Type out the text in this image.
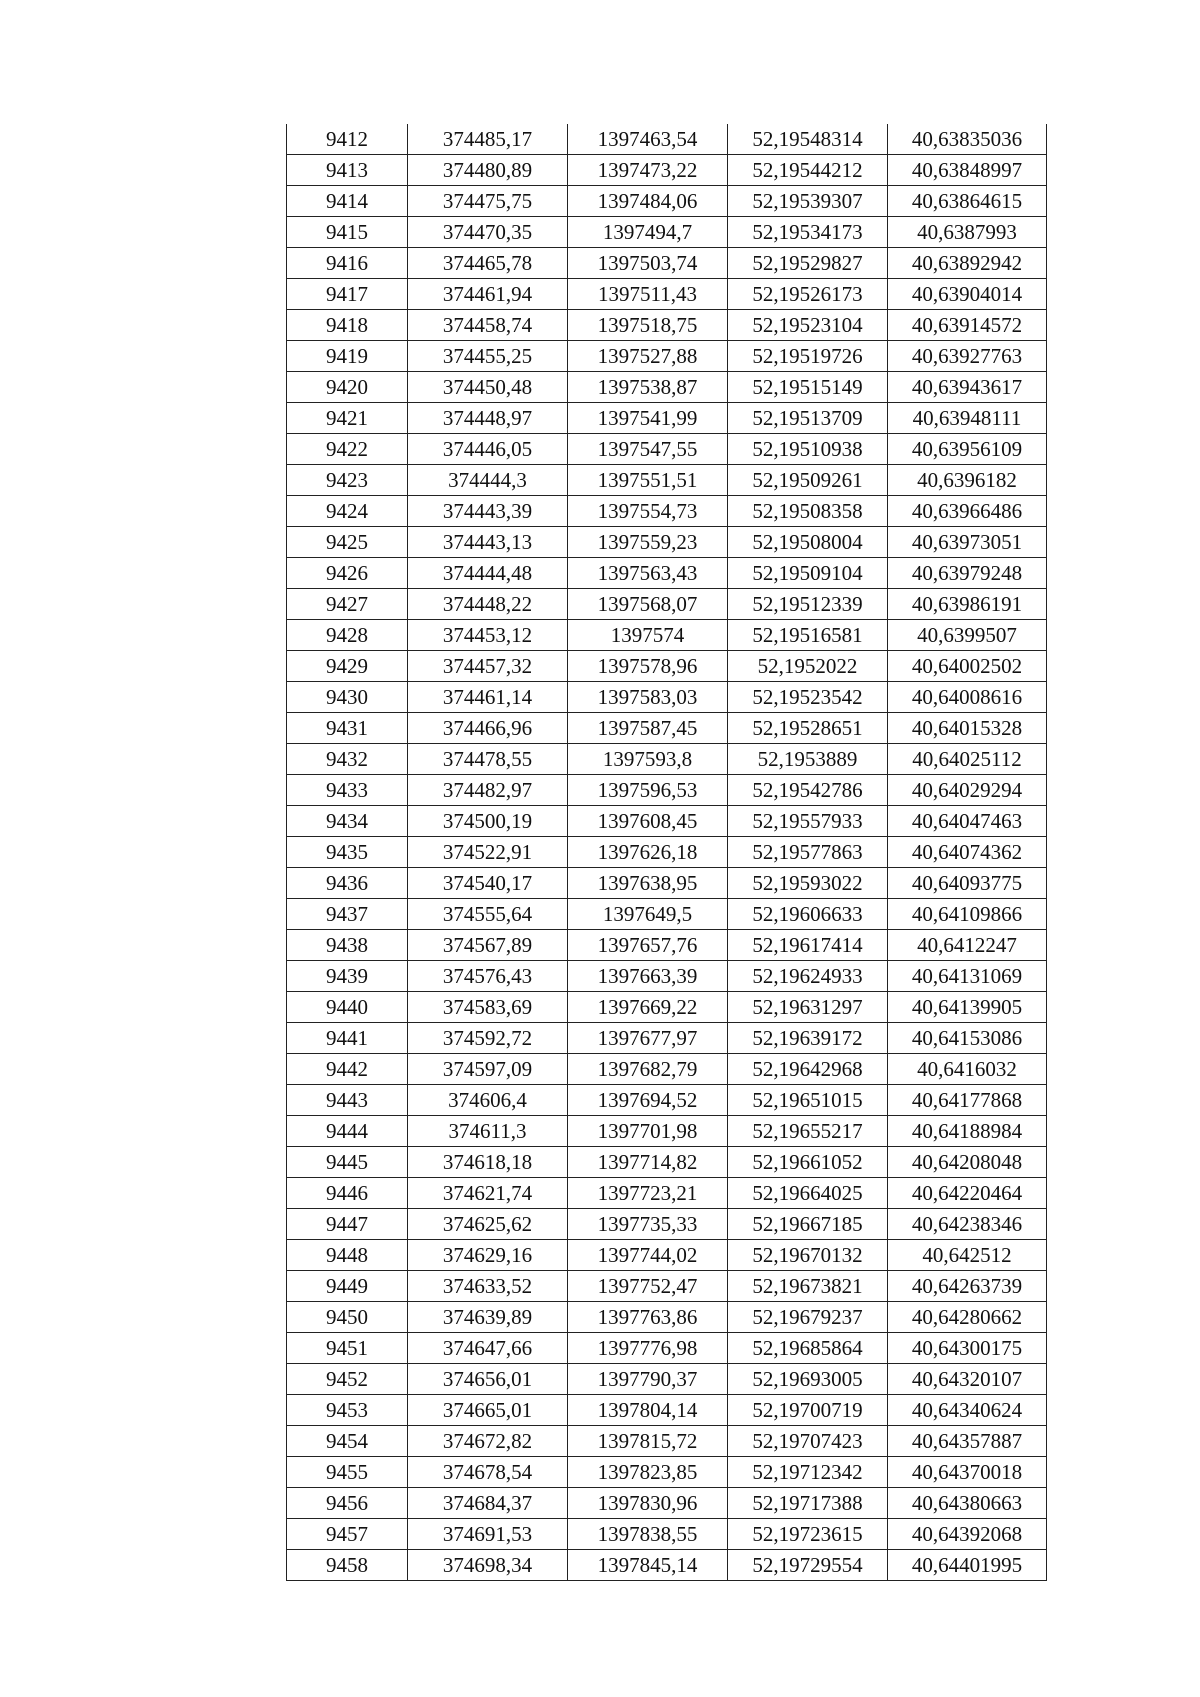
9412	374485,17	1397463,54	52,19548314	40,63835036
9413	374480,89	1397473,22	52,19544212	40,63848997
9414	374475,75	1397484,06	52,19539307	40,63864615
9415	374470,35	1397494,7	52,19534173	40,6387993
9416	374465,78	1397503,74	52,19529827	40,63892942
9417	374461,94	1397511,43	52,19526173	40,63904014
9418	374458,74	1397518,75	52,19523104	40,63914572
9419	374455,25	1397527,88	52,19519726	40,63927763
9420	374450,48	1397538,87	52,19515149	40,63943617
9421	374448,97	1397541,99	52,19513709	40,63948111
9422	374446,05	1397547,55	52,19510938	40,63956109
9423	374444,3	1397551,51	52,19509261	40,6396182
9424	374443,39	1397554,73	52,19508358	40,63966486
9425	374443,13	1397559,23	52,19508004	40,63973051
9426	374444,48	1397563,43	52,19509104	40,63979248
9427	374448,22	1397568,07	52,19512339	40,63986191
9428	374453,12	1397574	52,19516581	40,6399507
9429	374457,32	1397578,96	52,1952022	40,64002502
9430	374461,14	1397583,03	52,19523542	40,64008616
9431	374466,96	1397587,45	52,19528651	40,64015328
9432	374478,55	1397593,8	52,1953889	40,64025112
9433	374482,97	1397596,53	52,19542786	40,64029294
9434	374500,19	1397608,45	52,19557933	40,64047463
9435	374522,91	1397626,18	52,19577863	40,64074362
9436	374540,17	1397638,95	52,19593022	40,64093775
9437	374555,64	1397649,5	52,19606633	40,64109866
9438	374567,89	1397657,76	52,19617414	40,6412247
9439	374576,43	1397663,39	52,19624933	40,64131069
9440	374583,69	1397669,22	52,19631297	40,64139905
9441	374592,72	1397677,97	52,19639172	40,64153086
9442	374597,09	1397682,79	52,19642968	40,6416032
9443	374606,4	1397694,52	52,19651015	40,64177868
9444	374611,3	1397701,98	52,19655217	40,64188984
9445	374618,18	1397714,82	52,19661052	40,64208048
9446	374621,74	1397723,21	52,19664025	40,64220464
9447	374625,62	1397735,33	52,19667185	40,64238346
9448	374629,16	1397744,02	52,19670132	40,642512
9449	374633,52	1397752,47	52,19673821	40,64263739
9450	374639,89	1397763,86	52,19679237	40,64280662
9451	374647,66	1397776,98	52,19685864	40,64300175
9452	374656,01	1397790,37	52,19693005	40,64320107
9453	374665,01	1397804,14	52,19700719	40,64340624
9454	374672,82	1397815,72	52,19707423	40,64357887
9455	374678,54	1397823,85	52,19712342	40,64370018
9456	374684,37	1397830,96	52,19717388	40,64380663
9457	374691,53	1397838,55	52,19723615	40,64392068
9458	374698,34	1397845,14	52,19729554	40,64401995
